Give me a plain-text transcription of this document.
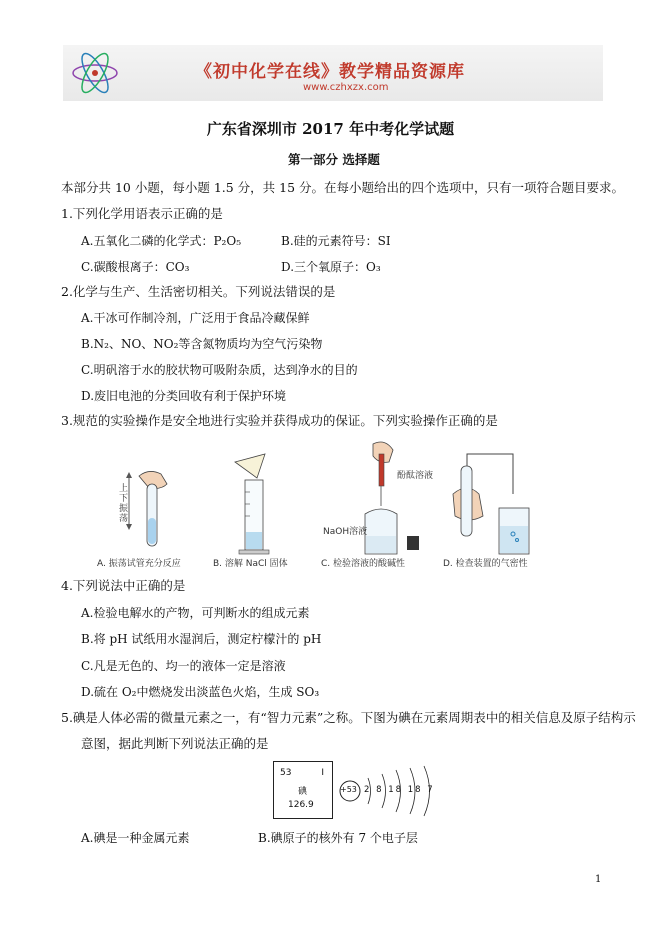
《初中化学在线》教学精品资源库
www.czhxzx.com
广东省深圳市 2017 年中考化学试题
第一部分 选择题
本部分共 10 小题，每小题 1.5 分，共 15 分。在每小题给出的四个选项中，只有一项符合题目要求。
1.下列化学用语表示正确的是
A.五氧化二磷的化学式：P₂O₅	B.硅的元素符号：SI
C.碳酸根离子：CO₃	D.三个氧原子：O₃
2.化学与生产、生活密切相关。下列说法错误的是
A.干冰可作制冷剂，广泛用于食品冷藏保鲜
B.N₂、NO、NO₂等含氮物质均为空气污染物
C.明矾溶于水的胶状物可吸附杂质，达到净水的目的
D.废旧电池的分类回收有利于保护环境
3.规范的实验操作是安全地进行实验并获得成功的保证。下列实验操作正确的是
上下振荡
酚酞溶液
NaOH溶液
A. 振荡试管充分反应	B. 溶解 NaCl 固体	C. 检验溶液的酸碱性	D. 检查装置的气密性
4.下列说法中正确的是
A.检验电解水的产物，可判断水的组成元素
B.将 pH 试纸用水湿润后，测定柠檬汁的 pH
C.凡是无色的、均一的液体一定是溶液
D.硫在 O₂中燃烧发出淡蓝色火焰，生成 SO₃
5.碘是人体必需的微量元素之一，有“智力元素”之称。下图为碘在元素周期表中的相关信息及原子结构示
意图，据此判断下列说法正确的是
53	I
碘
126.9
+53 2 8 18 18 7
A.碘是一种金属元素	B.碘原子的核外有 7 个电子层
1
